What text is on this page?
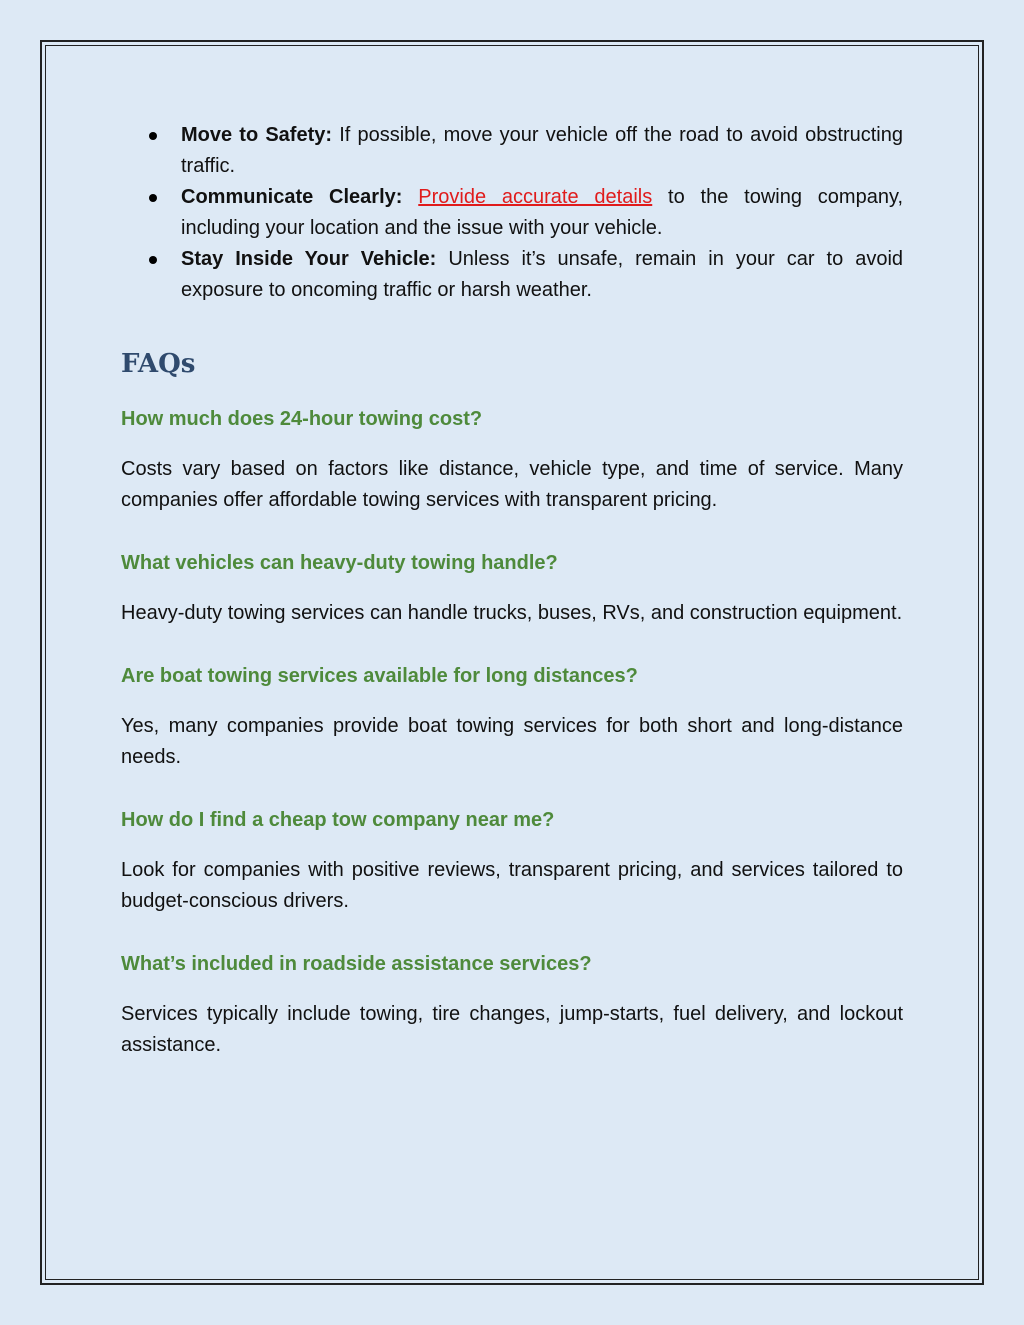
Move to Safety: If possible, move your vehicle off the road to avoid obstructing traffic.
Communicate Clearly: Provide accurate details to the towing company, including your location and the issue with your vehicle.
Stay Inside Your Vehicle: Unless it’s unsafe, remain in your car to avoid exposure to oncoming traffic or harsh weather.
FAQs
How much does 24-hour towing cost?

Costs vary based on factors like distance, vehicle type, and time of service. Many companies offer affordable towing services with transparent pricing.

What vehicles can heavy-duty towing handle?

Heavy-duty towing services can handle trucks, buses, RVs, and construction equipment.

Are boat towing services available for long distances?

Yes, many companies provide boat towing services for both short and long-distance needs.

How do I find a cheap tow company near me?

Look for companies with positive reviews, transparent pricing, and services tailored to budget-conscious drivers.

What’s included in roadside assistance services?

Services typically include towing, tire changes, jump-starts, fuel delivery, and lockout assistance.
